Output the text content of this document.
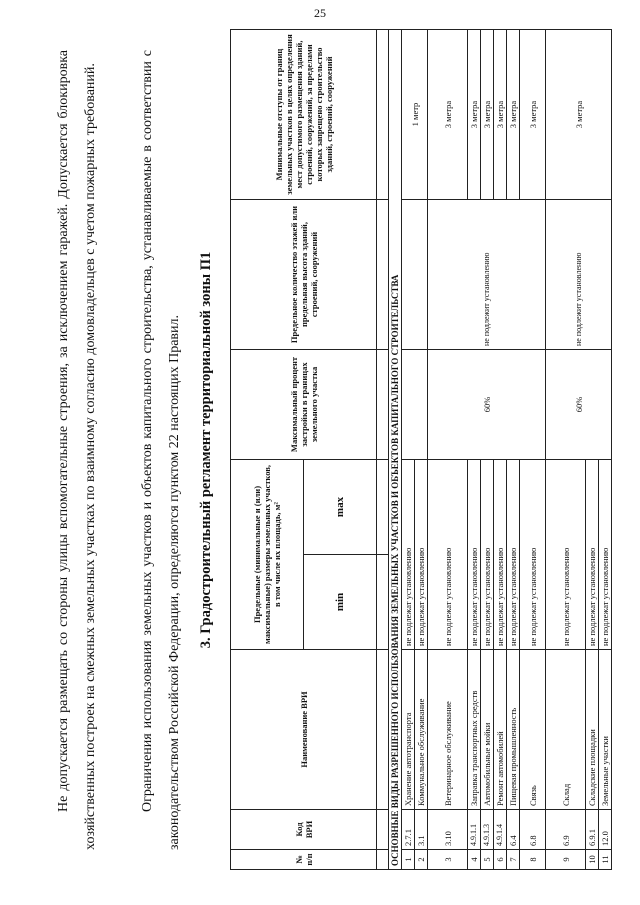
25
Не допускается размещать со стороны улицы вспомогательные строения, за исключением гаражей. Допускается блокировка хозяйственных построек на смежных земельных участках по взаимному согласию домовладельцев с учетом пожарных требований.	Ограничения использования земельных участков и объектов капитального строительства, устанавливаемые в соответствии с законодательством Российской Федерации, определяются пунктом 22 настоящих Правил.	3. Градостроительный регламент территориальной зоны П1
№ п/п	Код ВРИ	Наименование ВРИ	Предельные (минимальные и (или) максимальные) размеры земельных участков, в том числе их площадь, м²		Максимальный процент застройки в границах земельного участка	Предельное количество этажей или предельная высота зданий, строений, сооружений	Минимальные отступы от границ земельных участков в целях определения мест допустимого размещения зданий, строений, сооружений, за пределами которых запрещено строительство зданий, строений, сооружений
			min	max			

ОСНОВНЫЕ ВИДЫ РАЗРЕШЕННОГО ИСПОЛЬЗОВАНИЯ ЗЕМЕЛЬНЫХ УЧАСТКОВ И ОБЪЕКТОВ КАПИТАЛЬНОГО СТРОИТЕЛЬСТВА							
1	2.7.1	Хранение автотранспорта	не подлежат установлению				1 метр
2	3.1	Коммунальное обслуживание	не подлежат установлению				
3	3.10	Ветеринарное обслуживание	не подлежат установлению		60%	не подлежит установлению	3 метра
4	4.9.1.1	Заправка транспортных средств	не подлежат установлению				3 метра
5	4.9.1.3	Автомобильные мойки	не подлежат установлению				3 метра
6	4.9.1.4	Ремонт автомобилей	не подлежат установлению				3 метра
7	6.4	Пищевая промышленность	не подлежат установлению				3 метра
8	6.8	Связь	не подлежат установлению				3 метра
9	6.9	Склад	не подлежат установлению		60%	не подлежит установлению	3 метра
10	6.9.1	Складские площадки	не подлежат установлению				
11	12.0	Земельные участки	не подлежат установлению				
